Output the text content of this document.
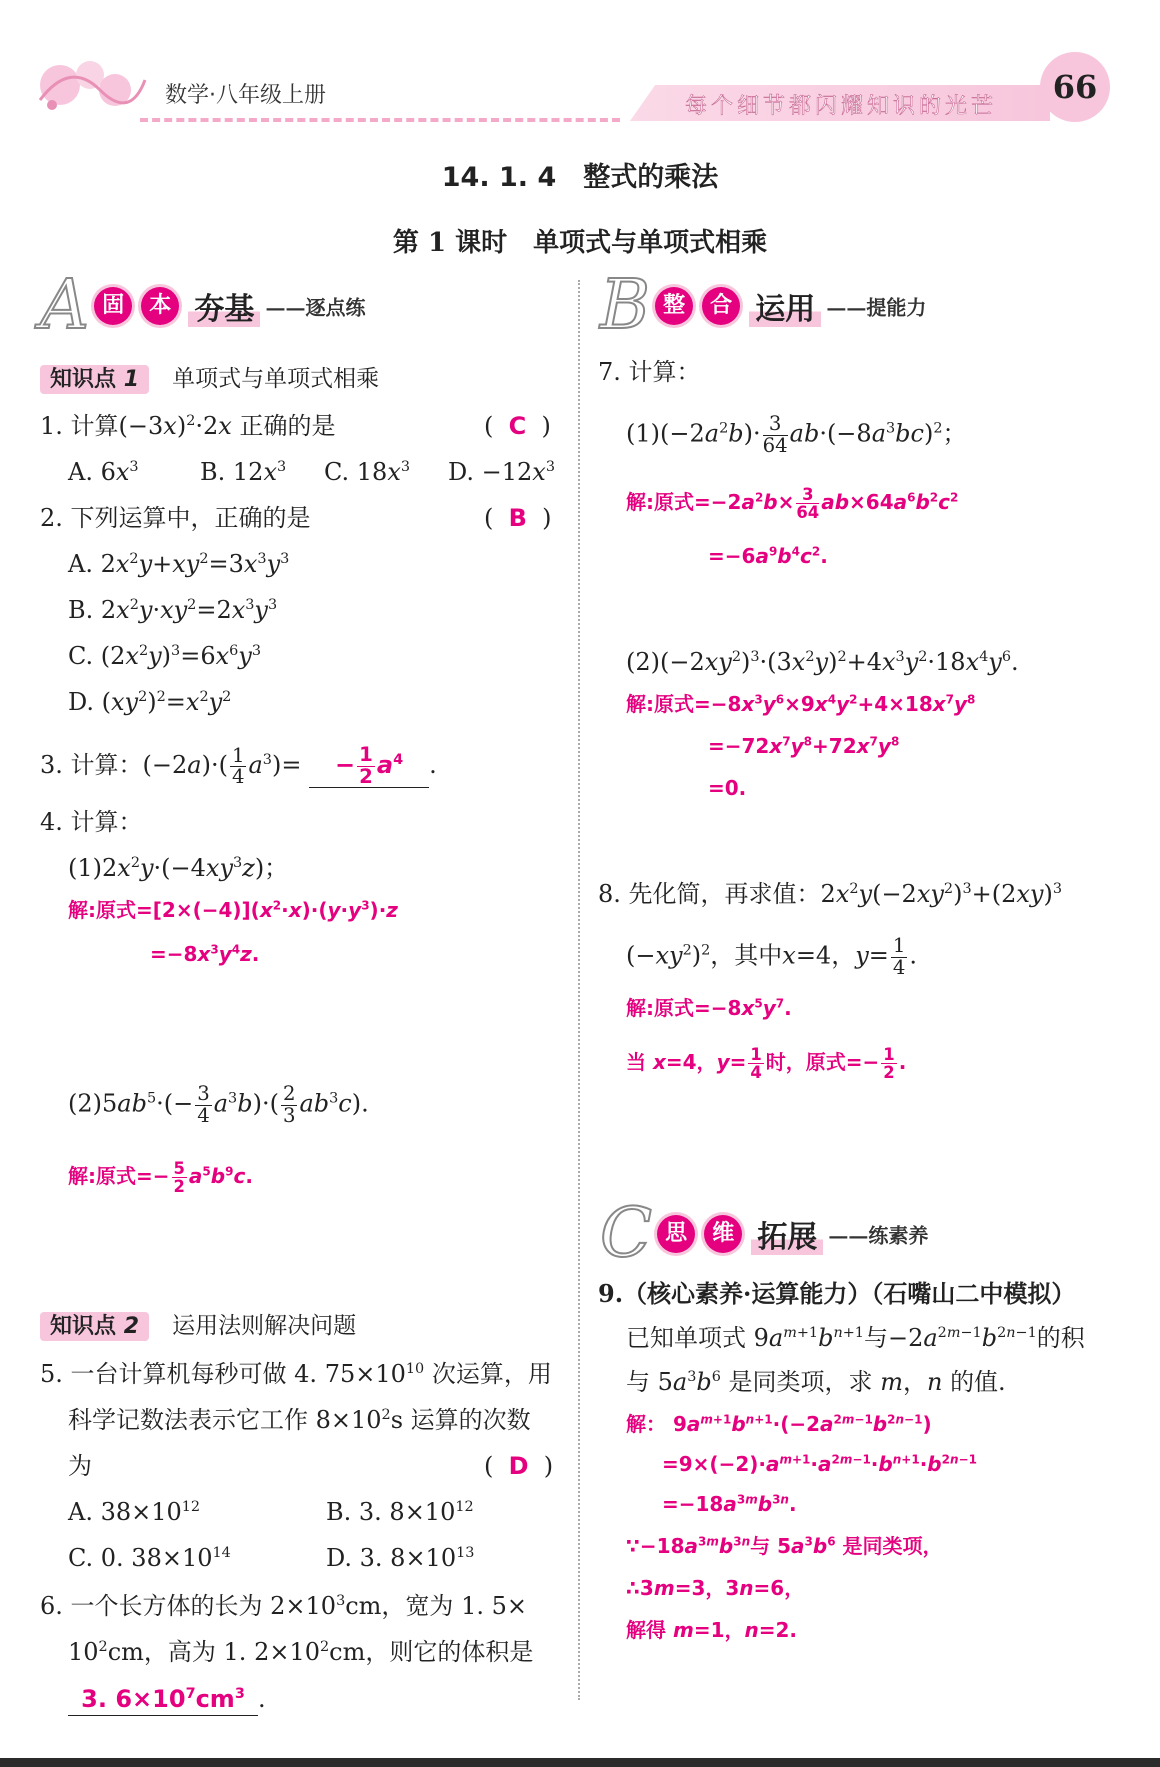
数学·八年级上册	每个细节都闪耀知识的光芒
66
14. 1. 4　整式的乘法
第 1 课时　单项式与单项式相乘
A 固 本 夯基 ——逐点练
知识点 1 单项式与单项式相乘
1. 计算$(-3x)^2\cdot 2x$ 正确的是	(  C  )
A. $6x^3$	B. $12x^3$ C. $18x^3$ D. $-12x^3$
2. 下列运算中，正确的是	(  B  )
A. $2x^2y+xy^2=3x^3y^3$
B. $2x^2y\cdot xy^2=2x^3y^3$
C. $(2x^2y)^3=6x^6y^3$
D. $(xy^2)^2=x^2y^2$
3. 计算：$(-2a)\cdot( \frac{1}{4} a^3)= - \frac{1}{2} a^4$ .
4. 计算：
$(1)2x^2y\cdot(-4xy^3z)$；
解:原式$=[2\times(-4)](x^2\cdot x)\cdot(y\cdot y^3)\cdot z$
$=-8x^3y^4z$.
$(2)5ab^5\cdot(- \frac{3}{4} a^3b)\cdot( \frac{2}{3} ab^3c)$.
解:原式=− $\frac{5}{2} a^5b^9c$.
知识点 2 运用法则解决问题
5. 一台计算机每秒可做 4. $75\times 10^{10}$ 次运算，用
科学记数法表示它工作 $8\times 10^2s$ 运算的次数
为	(  D  )
A. $38\times 10^{12}$	B. 3. $8\times 10^{12}$
C. 0. $38\times 10^{14}$	D. 3. $8\times 10^{13}$
6. 一个长方体的长为 $2\times 10^3cm$，宽为 1. 5×
$10^2cm$，高为 1. $2\times 10^2cm$，则它的体积是
3. $6\times 10^7cm^3$ .
B 整 合 运用 ——提能力
7. 计算：
$(1)(-2a^2b)\cdot \frac{3}{64} ab\cdot(-8a^3bc)^2$；
解:原式$=-2a^2b\times \frac{3}{64} ab\times 64a^6b^2c^2$
$=-6a^9b^4c^2$.
$(2)(-2xy^2)^3\cdot(3x^2y)^2+4x^3y^2\cdot 18x^4y^6$.
解:原式$=-8x^3y^6\times 9x^4y^2+4\times 18x^7y^8$
$=-72x^7y^8+72x^7y^8$
=0.
8. 先化简，再求值：$2x^2y(-2xy^2)^3+(2xy)^3$
$(-xy^2)^2$，其中x=4，$y= \frac{1}{4}$ .
解:原式$=-8x^5y^7$.
当 x=4，$y= \frac{1}{4}$ 时，原式=− $\frac{1}{2}$ .
C 思 维 拓展 ——练素养
9.（核心素养·运算能力）（石嘴山二中模拟）
已知单项式 $9a^{m+1}b^{n+1}$与$-2a^{2m-1}b^{2n-1}$的积
与 $5a^3b^6$ 是同类项，求 m，n 的值.
解： $9a^{m+1}b^{n+1}\cdot(-2a^{2m-1}b^{2n-1})$
$=9\times(-2)\cdot a^{m+1}\cdot a^{2m-1}\cdot b^{n+1}\cdot b^{2n-1}$
$=-18a^{3m}b^{3n}$.
$\because-18a^{3m}b^{3n}$与 $5a^3b^6$ 是同类项，
∴3m=3，3n=6，
解得 m=1，n=2.
